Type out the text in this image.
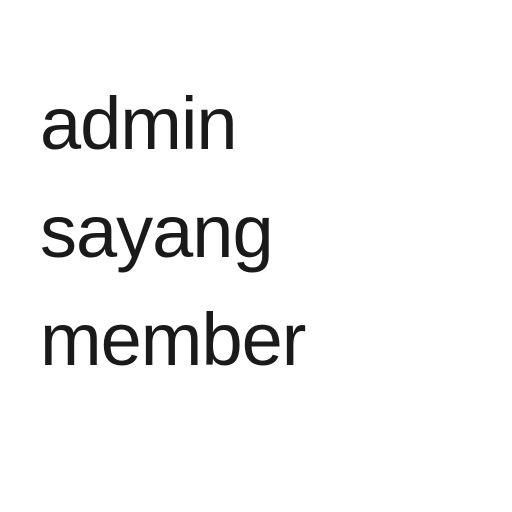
admin
sayang
member
